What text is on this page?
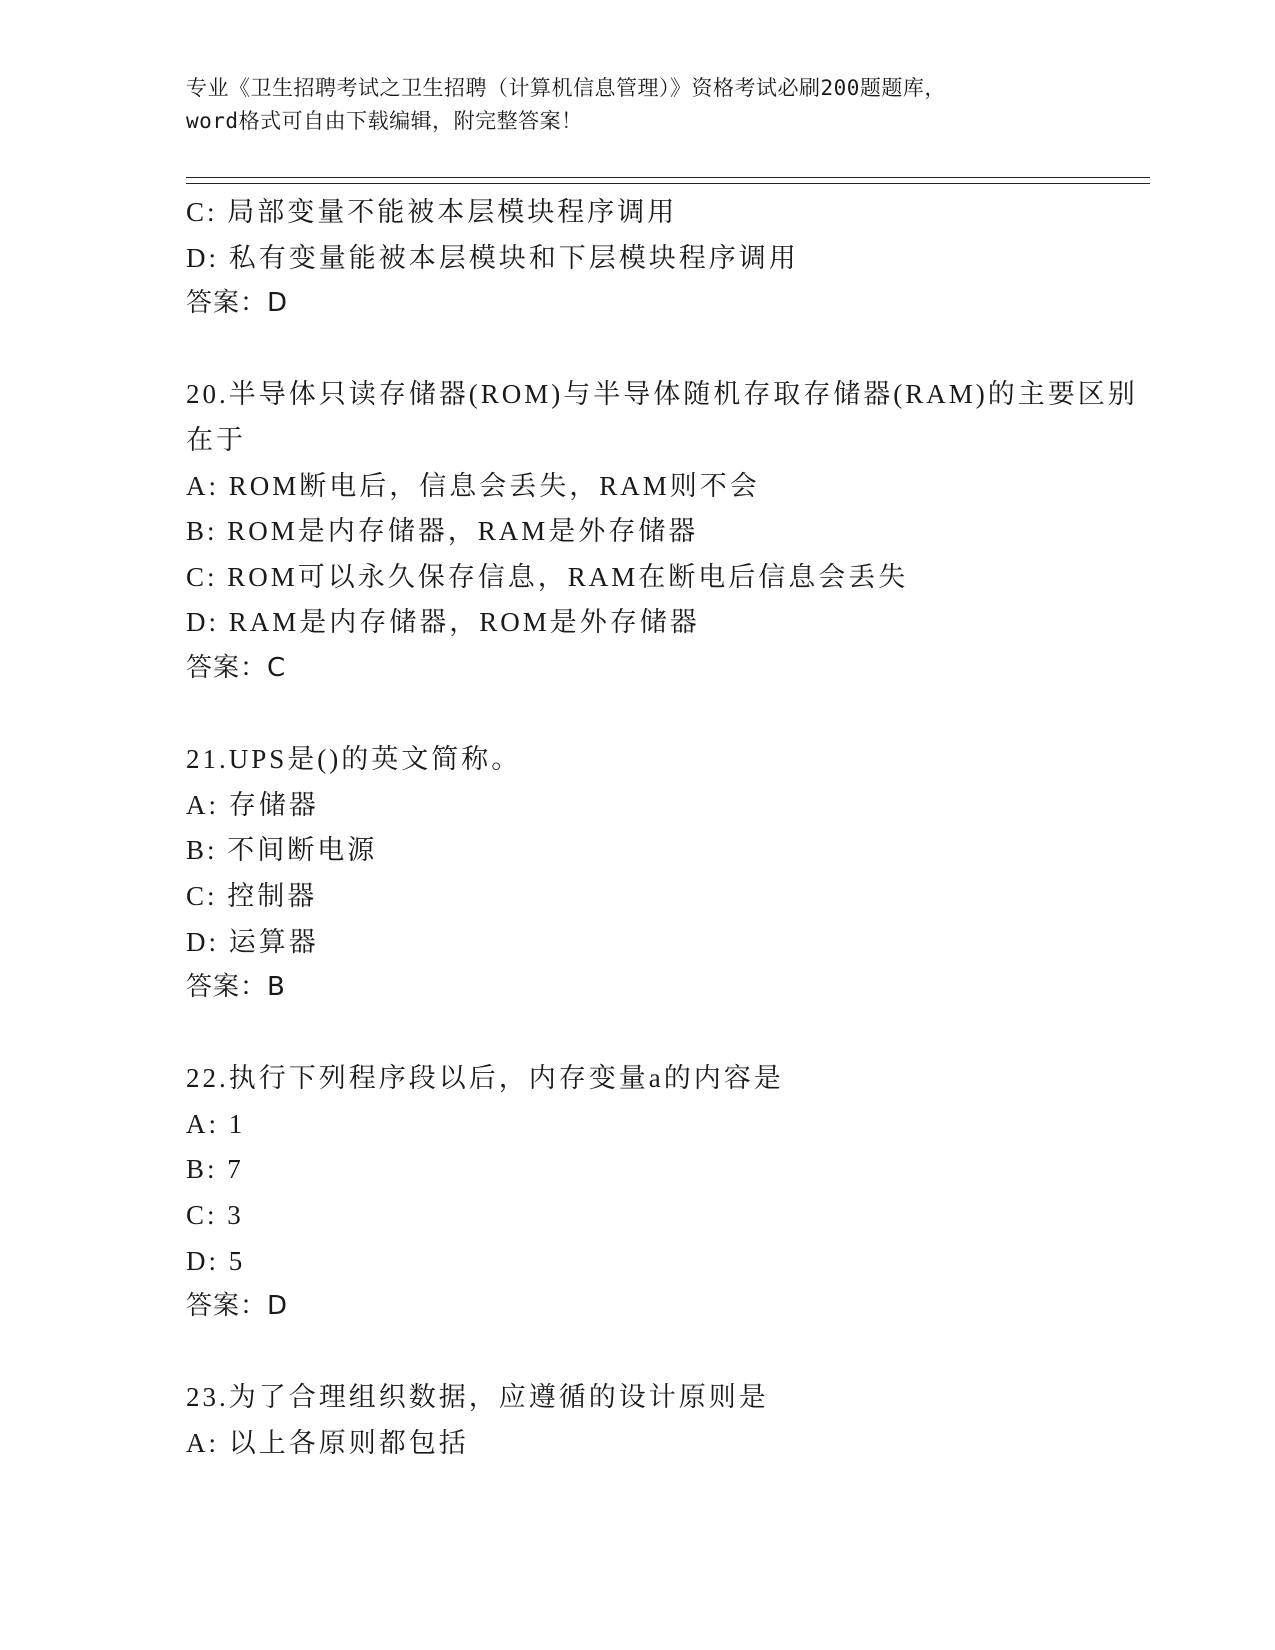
专业《卫生招聘考试之卫生招聘（计算机信息管理）》资格考试必刷200题题库，
word格式可自由下载编辑，附完整答案！
C: 局部变量不能被本层模块程序调用
D: 私有变量能被本层模块和下层模块程序调用
答案：D
20.半导体只读存储器(ROM)与半导体随机存取存储器(RAM)的主要区别
在于
A: ROM断电后，信息会丢失，RAM则不会
B: ROM是内存储器，RAM是外存储器
C: ROM可以永久保存信息，RAM在断电后信息会丢失
D: RAM是内存储器，ROM是外存储器
答案：C
21.UPS是()的英文简称。
A: 存储器
B: 不间断电源
C: 控制器
D: 运算器
答案：B
22.执行下列程序段以后，内存变量a的内容是
A: 1
B: 7
C: 3
D: 5
答案：D
23.为了合理组织数据，应遵循的设计原则是
A: 以上各原则都包括
